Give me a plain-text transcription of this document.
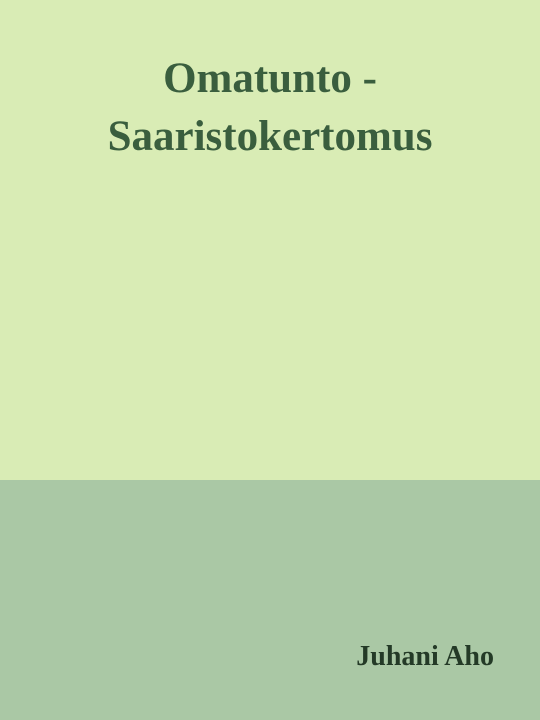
Omatunto -
Saaristokertomus
Juhani Aho
